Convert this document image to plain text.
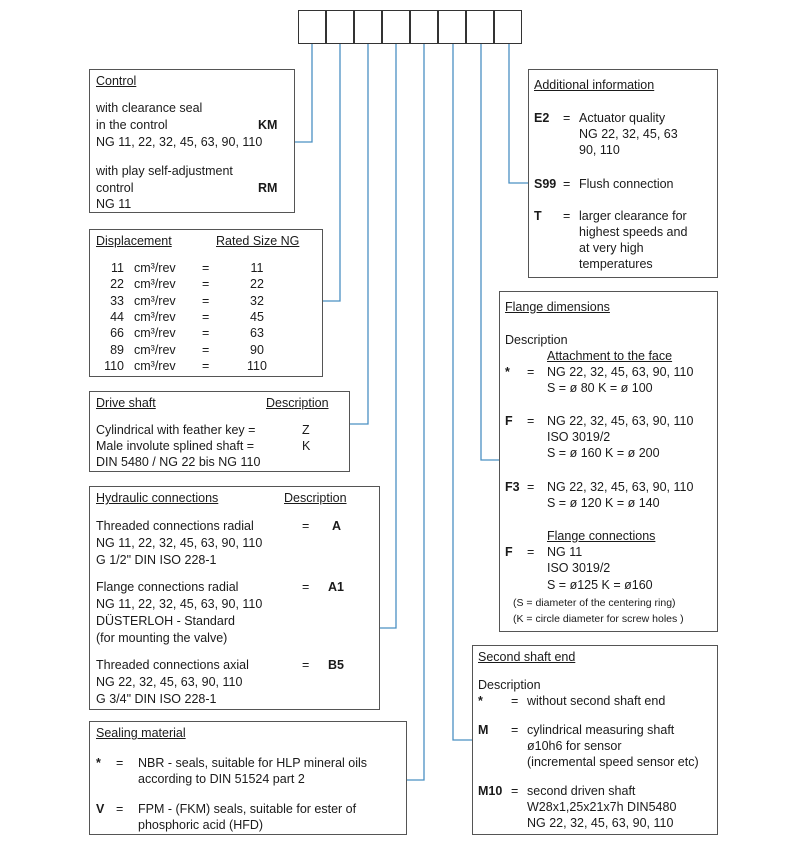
Control
with clearance seal
in the control	KM
NG 11, 22, 32, 45, 63, 90, 110
with play self-adjustment
control	RM
NG 11
Displacement	Rated Size NG
11 cm³/rev =	11
22 cm³/rev =	22
33 cm³/rev =	32
44 cm³/rev =	45
66 cm³/rev =	63
89 cm³/rev =	90
110 cm³/rev =	110
Drive shaft	Description
Cylindrical with feather key =	Z
Male involute splined shaft =	K
DIN 5480 / NG 22 bis NG 110
Hydraulic connections	Description
Threaded connections radial	= A
NG 11, 22, 32, 45, 63, 90, 110
G 1/2" DIN ISO 228-1
Flange connections radial	= A1
NG 11, 22, 32, 45, 63, 90, 110
DÜSTERLOH - Standard
(for mounting the valve)
Threaded connections axial	= B5
NG 22, 32, 45, 63, 90, 110
G 3/4" DIN ISO 228-1
Sealing material
* = NBR - seals, suitable for HLP mineral oils
according to DIN 51524 part 2
V = FPM - (FKM) seals, suitable for ester of
phosphoric acid (HFD)
Additional information
E2 = Actuator quality
NG 22, 32, 45, 63
90, 110
S99 = Flush connection
T = larger clearance for
highest speeds and
at very high
temperatures
Flange dimensions
Description
Attachment to the face
* = NG 22, 32, 45, 63, 90, 110
S = ø 80 K = ø 100
F = NG 22, 32, 45, 63, 90, 110
ISO 3019/2
S = ø 160 K = ø 200
F3 = NG 22, 32, 45, 63, 90, 110
S = ø 120 K = ø 140
Flange connections
F = NG 11
ISO 3019/2
S = ø125 K = ø160
(S = diameter of the centering ring)
(K = circle diameter for screw holes )
Second shaft end
Description
* = without second shaft end
M = cylindrical measuring shaft
ø10h6 for sensor
(incremental speed sensor etc)
M10 = second driven shaft
W28x1,25x21x7h DIN5480
NG 22, 32, 45, 63, 90, 110
